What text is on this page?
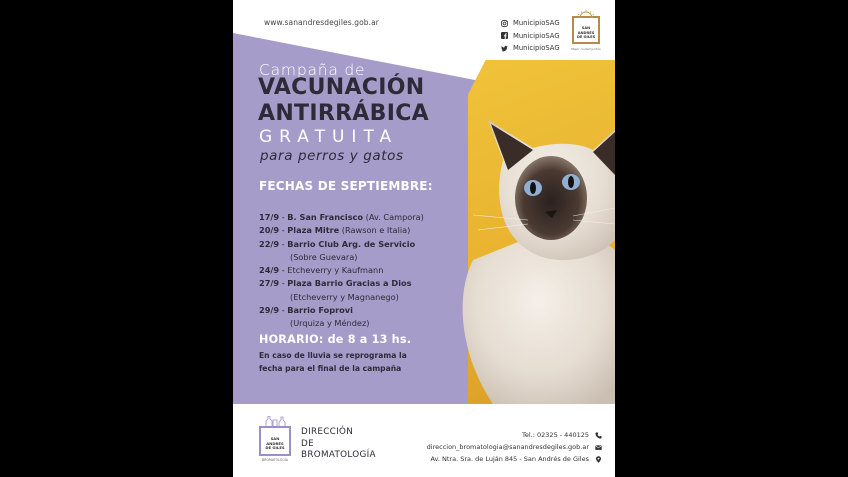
www.sanandresdegiles.gob.ar	MunicipioSAG
MunicipioSAG
MunicipioSAG
SAN
ANDRÉS
DE GILES
Mejor ciudad juntos
Campaña de
VACUNACIÓN
ANTIRRÁBICA
GRATUITA
para perros y gatos
FECHAS DE SEPTIEMBRE:
17/9 - B. San Francisco (Av. Campora)
20/9 - Plaza Mitre (Rawson e Italia)
22/9 - Barrio Club Arg. de Servicio
(Sobre Guevara)
24/9 - Etcheverry y Kaufmann
27/9 - Plaza Barrio Gracias a Dios
(Etcheverry y Magnanego)
29/9 - Barrio Foprovi
(Urquiza y Méndez)
HORARIO: de 8 a 13 hs.
En caso de lluvia se reprograma la
fecha para el final de la campaña
SAN
ANDRÉS
DE GILES
BROMATOLOGÍA
DIRECCIÓN
DE
BROMATOLOGÍA
Tel.: 02325 - 440125
direccion_bromatologia@sanandresdegiles.gob.ar
Av. Ntra. Sra. de Luján 845 - San Andrés de Giles
